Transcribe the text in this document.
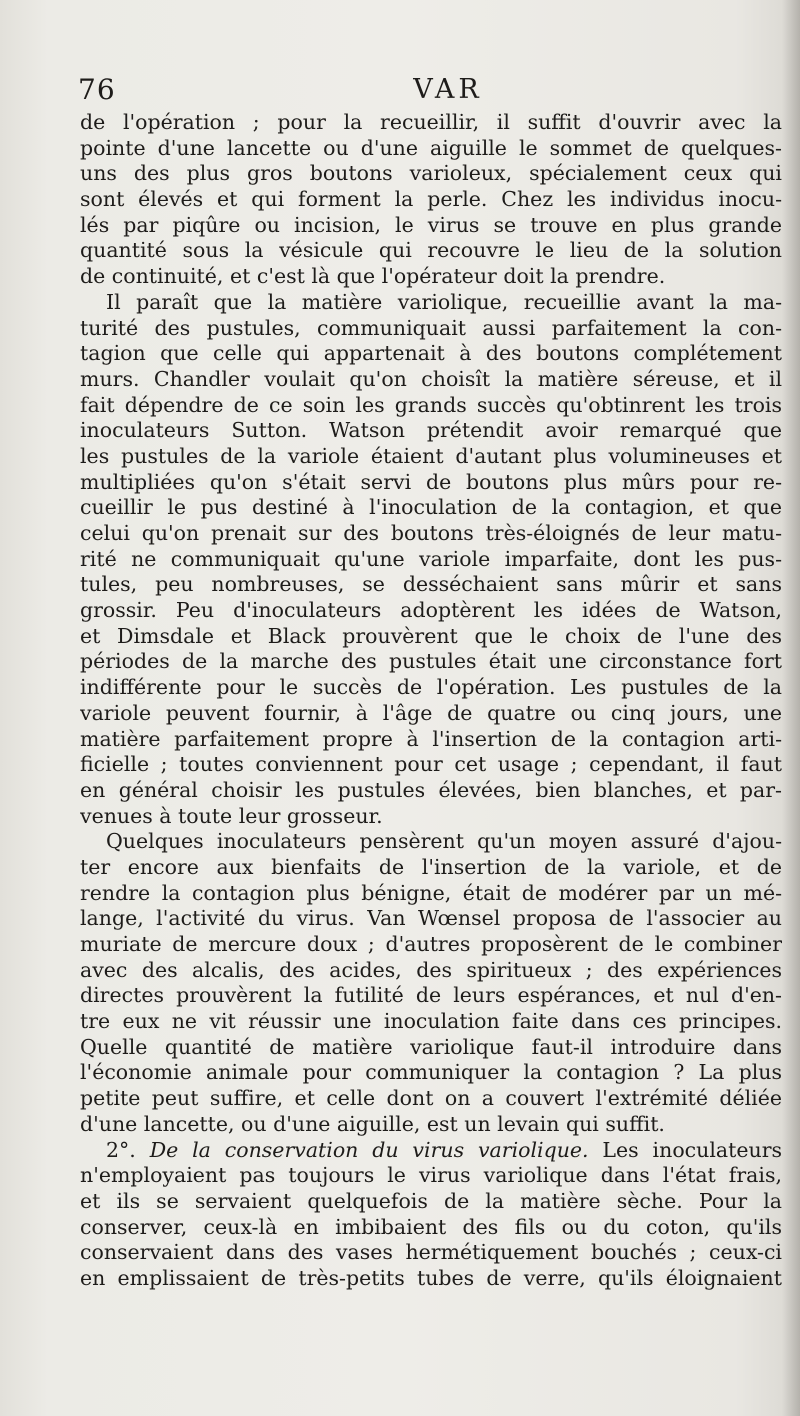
76	VAR
de l'opération ; pour la recueillir, il suffit d'ouvrir avec la
pointe d'une lancette ou d'une aiguille le sommet de quelques-
uns des plus gros boutons varioleux, spécialement ceux qui
sont élevés et qui forment la perle. Chez les individus inocu-
lés par piqûre ou incision, le virus se trouve en plus grande
quantité sous la vésicule qui recouvre le lieu de la solution
de continuité, et c'est là que l'opérateur doit la prendre.
Il paraît que la matière variolique, recueillie avant la ma-
turité des pustules, communiquait aussi parfaitement la con-
tagion que celle qui appartenait à des boutons complétement
murs. Chandler voulait qu'on choisît la matière séreuse, et il
fait dépendre de ce soin les grands succès qu'obtinrent les trois
inoculateurs Sutton. Watson prétendit avoir remarqué que
les pustules de la variole étaient d'autant plus volumineuses et
multipliées qu'on s'était servi de boutons plus mûrs pour re-
cueillir le pus destiné à l'inoculation de la contagion, et que
celui qu'on prenait sur des boutons très-éloignés de leur matu-
rité ne communiquait qu'une variole imparfaite, dont les pus-
tules, peu nombreuses, se desséchaient sans mûrir et sans
grossir. Peu d'inoculateurs adoptèrent les idées de Watson,
et Dimsdale et Black prouvèrent que le choix de l'une des
périodes de la marche des pustules était une circonstance fort
indifférente pour le succès de l'opération. Les pustules de la
variole peuvent fournir, à l'âge de quatre ou cinq jours, une
matière parfaitement propre à l'insertion de la contagion arti-
ficielle ; toutes conviennent pour cet usage ; cependant, il faut
en général choisir les pustules élevées, bien blanches, et par-
venues à toute leur grosseur.
Quelques inoculateurs pensèrent qu'un moyen assuré d'ajou-
ter encore aux bienfaits de l'insertion de la variole, et de
rendre la contagion plus bénigne, était de modérer par un mé-
lange, l'activité du virus. Van Wœnsel proposa de l'associer au
muriate de mercure doux ; d'autres proposèrent de le combiner
avec des alcalis, des acides, des spiritueux ; des expériences
directes prouvèrent la futilité de leurs espérances, et nul d'en-
tre eux ne vit réussir une inoculation faite dans ces principes.
Quelle quantité de matière variolique faut-il introduire dans
l'économie animale pour communiquer la contagion ? La plus
petite peut suffire, et celle dont on a couvert l'extrémité déliée
d'une lancette, ou d'une aiguille, est un levain qui suffit.
2°. De la conservation du virus variolique. Les inoculateurs
n'employaient pas toujours le virus variolique dans l'état frais,
et ils se servaient quelquefois de la matière sèche. Pour la
conserver, ceux-là en imbibaient des fils ou du coton, qu'ils
conservaient dans des vases hermétiquement bouchés ; ceux-ci
en emplissaient de très-petits tubes de verre, qu'ils éloignaient
